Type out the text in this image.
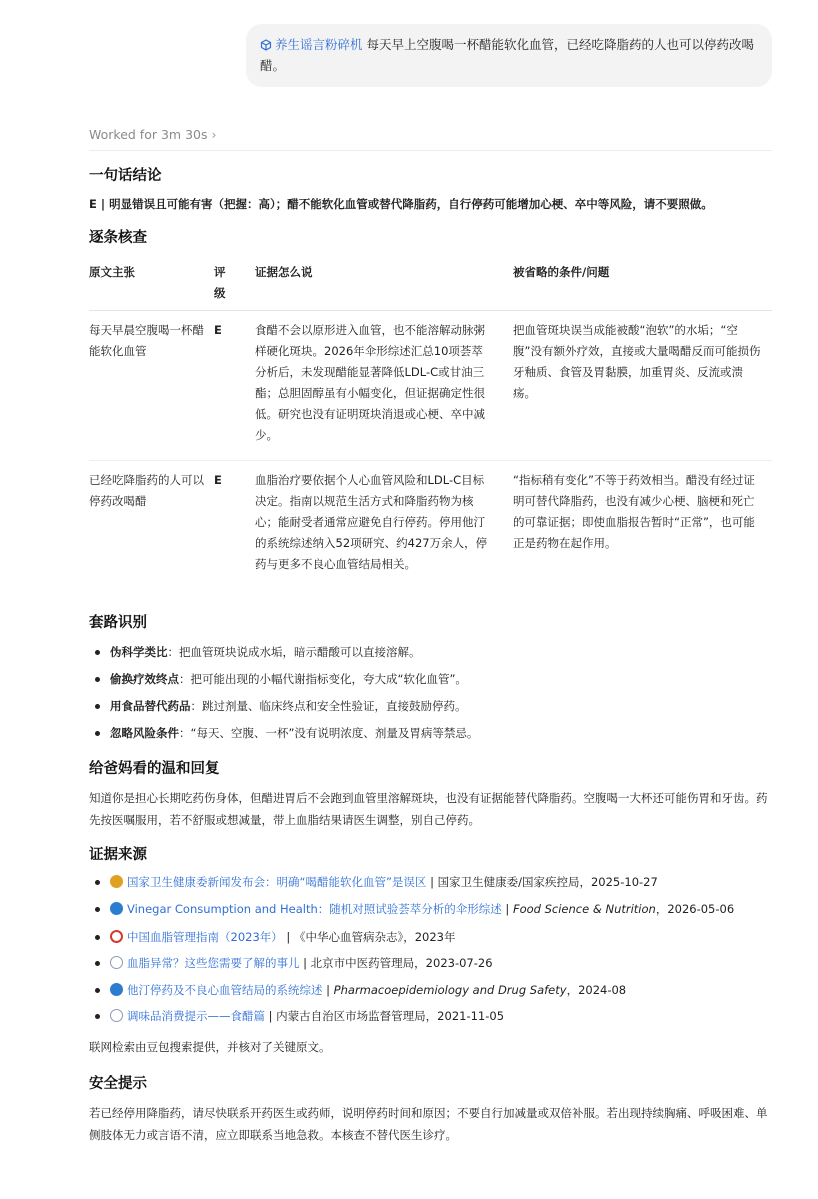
养生谣言粉碎机 每天早上空腹喝一杯醋能软化血管，已经吃降脂药的人也可以停药改喝醋。
Worked for 3m 30s ›
一句话结论
E | 明显错误且可能有害（把握：高）；醋不能软化血管或替代降脂药，自行停药可能增加心梗、卒中等风险，请不要照做。
逐条核查
原文主张	评级	证据怎么说	被省略的条件/问题
每天早晨空腹喝一杯醋能软化血管	E	食醋不会以原形进入血管，也不能溶解动脉粥样硬化斑块。2026年伞形综述汇总10项荟萃分析后，未发现醋能显著降低LDL-C或甘油三酯；总胆固醇虽有小幅变化，但证据确定性很低。研究也没有证明斑块消退或心梗、卒中减少。	把血管斑块误当成能被酸“泡软”的水垢；“空腹”没有额外疗效，直接或大量喝醋反而可能损伤牙釉质、食管及胃黏膜，加重胃炎、反流或溃疡。
已经吃降脂药的人可以停药改喝醋	E	血脂治疗要依据个人心血管风险和LDL-C目标决定。指南以规范生活方式和降脂药物为核心；能耐受者通常应避免自行停药。停用他汀的系统综述纳入52项研究、约427万余人，停药与更多不良心血管结局相关。	“指标稍有变化”不等于药效相当。醋没有经过证明可替代降脂药，也没有减少心梗、脑梗和死亡的可靠证据；即使血脂报告暂时“正常”，也可能正是药物在起作用。
套路识别
伪科学类比：把血管斑块说成水垢，暗示醋酸可以直接溶解。
偷换疗效终点：把可能出现的小幅代谢指标变化，夸大成“软化血管”。
用食品替代药品：跳过剂量、临床终点和安全性验证，直接鼓励停药。
忽略风险条件：“每天、空腹、一杯”没有说明浓度、剂量及胃病等禁忌。
给爸妈看的温和回复
知道你是担心长期吃药伤身体，但醋进胃后不会跑到血管里溶解斑块，也没有证据能替代降脂药。空腹喝一大杯还可能伤胃和牙齿。药先按医嘱服用，若不舒服或想减量，带上血脂结果请医生调整，别自己停药。
证据来源
国家卫生健康委新闻发布会：明确“喝醋能软化血管”是误区 | 国家卫生健康委/国家疾控局，2025-10-27
Vinegar Consumption and Health：随机对照试验荟萃分析的伞形综述 | Food Science & Nutrition，2026-05-06
中国血脂管理指南（2023年） | 《中华心血管病杂志》，2023年
血脂异常？这些您需要了解的事儿 | 北京市中医药管理局，2023-07-26
他汀停药及不良心血管结局的系统综述 | Pharmacoepidemiology and Drug Safety，2024-08
调味品消费提示——食醋篇 | 内蒙古自治区市场监督管理局，2021-11-05
联网检索由豆包搜索提供，并核对了关键原文。
安全提示
若已经停用降脂药，请尽快联系开药医生或药师，说明停药时间和原因；不要自行加减量或双倍补服。若出现持续胸痛、呼吸困难、单侧肢体无力或言语不清，应立即联系当地急救。本核查不替代医生诊疗。
